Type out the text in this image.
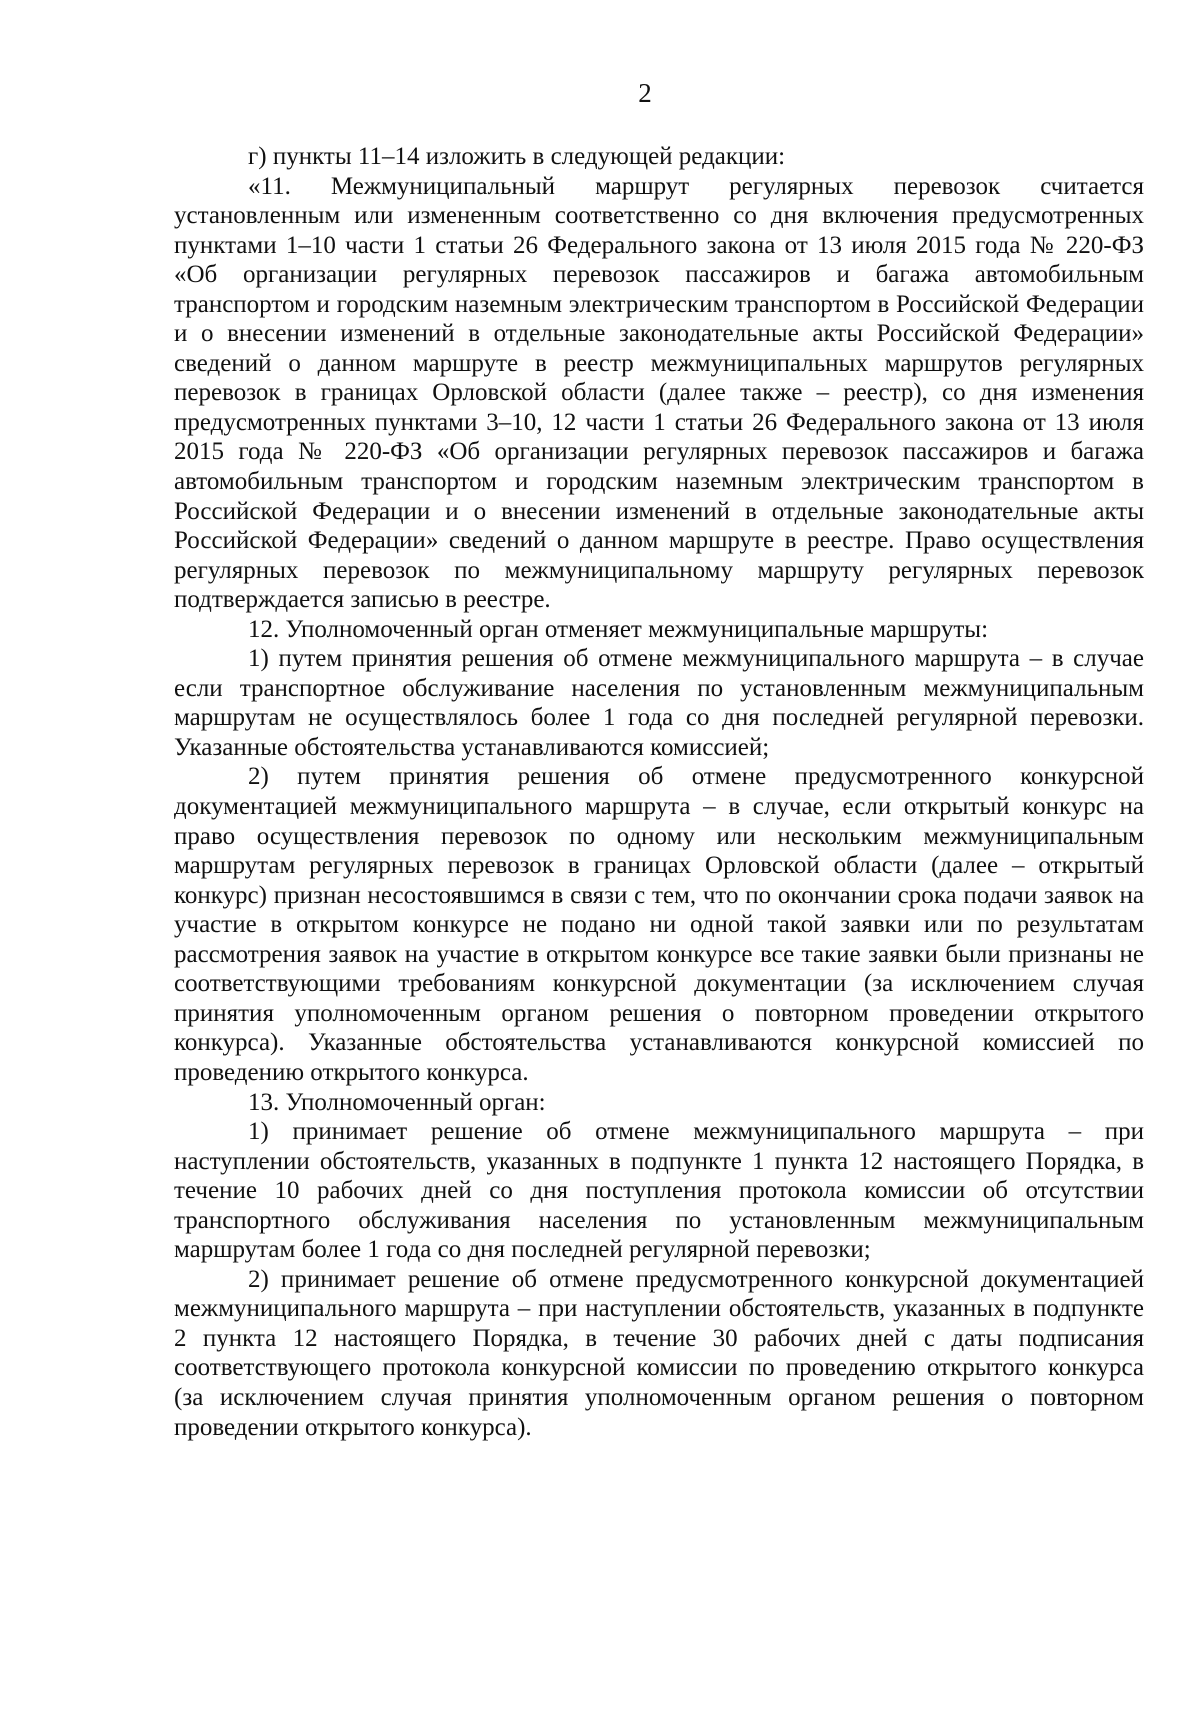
2

г) пункты 11–14 изложить в следующей редакции:

«11. Межмуниципальный маршрут регулярных перевозок считается установленным или измененным соответственно со дня включения предусмотренных пунктами 1–10 части 1 статьи 26 Федерального закона от 13 июля 2015 года № 220-ФЗ «Об организации регулярных перевозок пассажиров и багажа автомобильным транспортом и городским наземным электрическим транспортом в Российской Федерации и о внесении изменений в отдельные законодательные акты Российской Федерации» сведений о данном маршруте в реестр межмуниципальных маршрутов регулярных перевозок в границах Орловской области (далее также – реестр), со дня изменения предусмотренных пунктами 3–10, 12 части 1 статьи 26 Федерального закона от 13 июля 2015 года № 220-ФЗ «Об организации регулярных перевозок пассажиров и багажа автомобильным транспортом и городским наземным электрическим транспортом в Российской Федерации и о внесении изменений в отдельные законодательные акты Российской Федерации» сведений о данном маршруте в реестре. Право осуществления регулярных перевозок по межмуниципальному маршруту регулярных перевозок подтверждается записью в реестре.

12. Уполномоченный орган отменяет межмуниципальные маршруты:

1) путем принятия решения об отмене межмуниципального маршрута – в случае если транспортное обслуживание населения по установленным межмуниципальным маршрутам не осуществлялось более 1 года со дня последней регулярной перевозки. Указанные обстоятельства устанавливаются комиссией;

2) путем принятия решения об отмене предусмотренного конкурсной документацией межмуниципального маршрута – в случае, если открытый конкурс на право осуществления перевозок по одному или нескольким межмуниципальным маршрутам регулярных перевозок в границах Орловской области (далее – открытый конкурс) признан несостоявшимся в связи с тем, что по окончании срока подачи заявок на участие в открытом конкурсе не подано ни одной такой заявки или по результатам рассмотрения заявок на участие в открытом конкурсе все такие заявки были признаны не соответствующими требованиям конкурсной документации (за исключением случая принятия уполномоченным органом решения о повторном проведении открытого конкурса). Указанные обстоятельства устанавливаются конкурсной комиссией по проведению открытого конкурса.

13. Уполномоченный орган:

1) принимает решение об отмене межмуниципального маршрута – при наступлении обстоятельств, указанных в подпункте 1 пункта 12 настоящего Порядка, в течение 10 рабочих дней со дня поступления протокола комиссии об отсутствии транспортного обслуживания населения по установленным межмуниципальным маршрутам более 1 года со дня последней регулярной перевозки;

2) принимает решение об отмене предусмотренного конкурсной документацией межмуниципального маршрута – при наступлении обстоятельств, указанных в подпункте 2 пункта 12 настоящего Порядка, в течение 30 рабочих дней с даты подписания соответствующего протокола конкурсной комиссии по проведению открытого конкурса (за исключением случая принятия уполномоченным органом решения о повторном проведении открытого конкурса).
